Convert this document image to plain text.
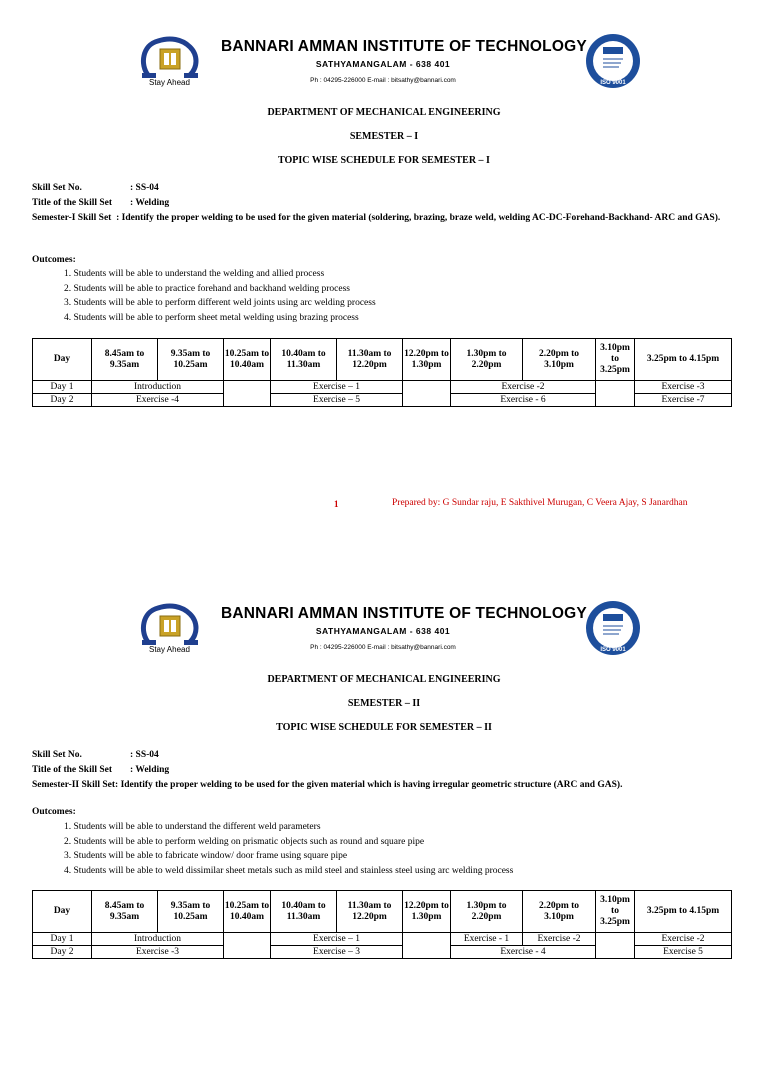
Stay Ahead
BANNARI AMMAN INSTITUTE OF TECHNOLOGY
SATHYAMANGALAM - 638 401
Ph : 04295-226000 E-mail : bitsathy@bannari.com	ISO 9001
DEPARTMENT OF MECHANICAL ENGINEERING
SEMESTER – I
TOPIC WISE SCHEDULE FOR SEMESTER – I
Skill Set No.	: SS-04
Title of the Skill Set : Welding
Semester-I Skill Set : Identify the proper welding to be used for the given material (soldering, brazing, braze weld, welding AC-DC-Forehand-Backhand- ARC and GAS).
Outcomes:
1. Students will be able to understand the welding and allied process
2. Students will be able to practice forehand and backhand welding process
3. Students will be able to perform different weld joints using arc welding process
4. Students will be able to perform sheet metal welding using brazing process
Day	8.45am to 9.35am	9.35am to 10.25am	10.25am to 10.40am	10.40am to 11.30am	11.30am to 12.20pm	12.20pm to 1.30pm	1.30pm to 2.20pm	2.20pm to 3.10pm	3.10pm to 3.25pm	3.25pm to 4.15pm
Day 1	Introduction			Exercise – 1			Exercise -2			Exercise -3
Day 2	Exercise -4			Exercise – 5			Exercise - 6			Exercise -7
1	Prepared by: G Sundar raju, E Sakthivel Murugan, C Veera Ajay, S Janardhan
Stay Ahead
BANNARI AMMAN INSTITUTE OF TECHNOLOGY
SATHYAMANGALAM - 638 401
Ph : 04295-226000 E-mail : bitsathy@bannari.com	ISO 9001
DEPARTMENT OF MECHANICAL ENGINEERING
SEMESTER – II
TOPIC WISE SCHEDULE FOR SEMESTER – II
Skill Set No.	: SS-04
Title of the Skill Set : Welding
Semester-II Skill Set: Identify the proper welding to be used for the given material which is having irregular geometric structure (ARC and GAS).
Outcomes:
1. Students will be able to understand the different weld parameters
2. Students will be able to perform welding on prismatic objects such as round and square pipe
3. Students will be able to fabricate window/ door frame using square pipe
4. Students will be able to weld dissimilar sheet metals such as mild steel and stainless steel using arc welding process
Day	8.45am to 9.35am	9.35am to 10.25am	10.25am to 10.40am	10.40am to 11.30am	11.30am to 12.20pm	12.20pm to 1.30pm	1.30pm to 2.20pm	2.20pm to 3.10pm	3.10pm to 3.25pm	3.25pm to 4.15pm
Day 1	Introduction			Exercise – 1			Exercise - 1	Exercise -2		Exercise -2
Day 2	Exercise -3			Exercise – 3			Exercise - 4			Exercise 5
